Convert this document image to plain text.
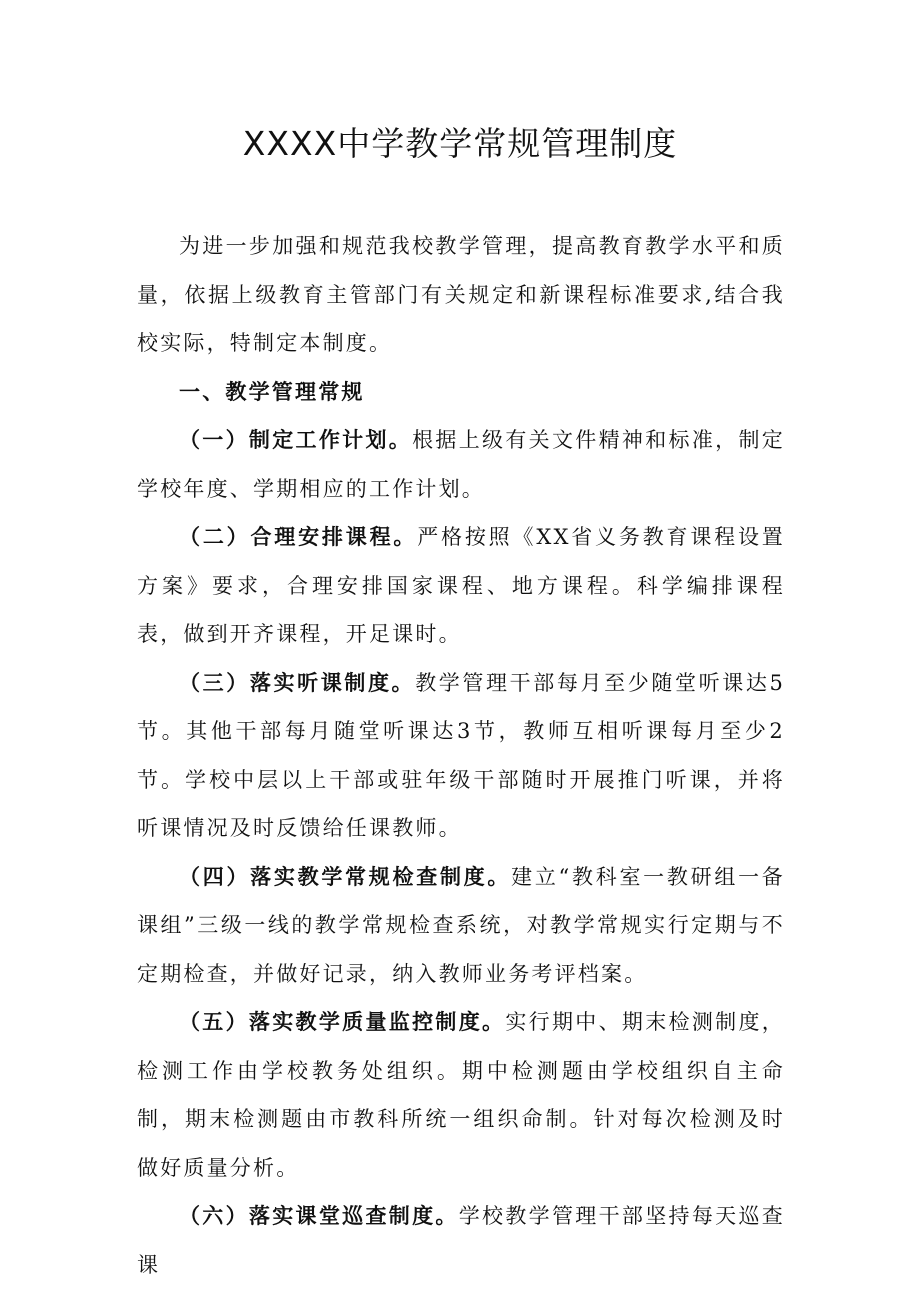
XXXX中学教学常规管理制度

为进一步加强和规范我校教学管理，提高教育教学水平和质量，依据上级教育主管部门有关规定和新课程标准要求,结合我校实际，特制定本制度。

一、教学管理常规

（一）制定工作计划。根据上级有关文件精神和标准，制定学校年度、学期相应的工作计划。

（二）合理安排课程。严格按照《XX省义务教育课程设置方案》要求，合理安排国家课程、地方课程。科学编排课程表，做到开齐课程，开足课时。

（三）落实听课制度。教学管理干部每月至少随堂听课达5节。其他干部每月随堂听课达3节，教师互相听课每月至少2节。学校中层以上干部或驻年级干部随时开展推门听课，并将听课情况及时反馈给任课教师。

（四）落实教学常规检查制度。建立“教科室一教研组一备课组”三级一线的教学常规检查系统，对教学常规实行定期与不定期检查，并做好记录，纳入教师业务考评档案。

（五）落实教学质量监控制度。实行期中、期末检测制度，检测工作由学校教务处组织。期中检测题由学校组织自主命制，期末检测题由市教科所统一组织命制。针对每次检测及时做好质量分析。

（六）落实课堂巡查制度。学校教学管理干部坚持每天巡查课
